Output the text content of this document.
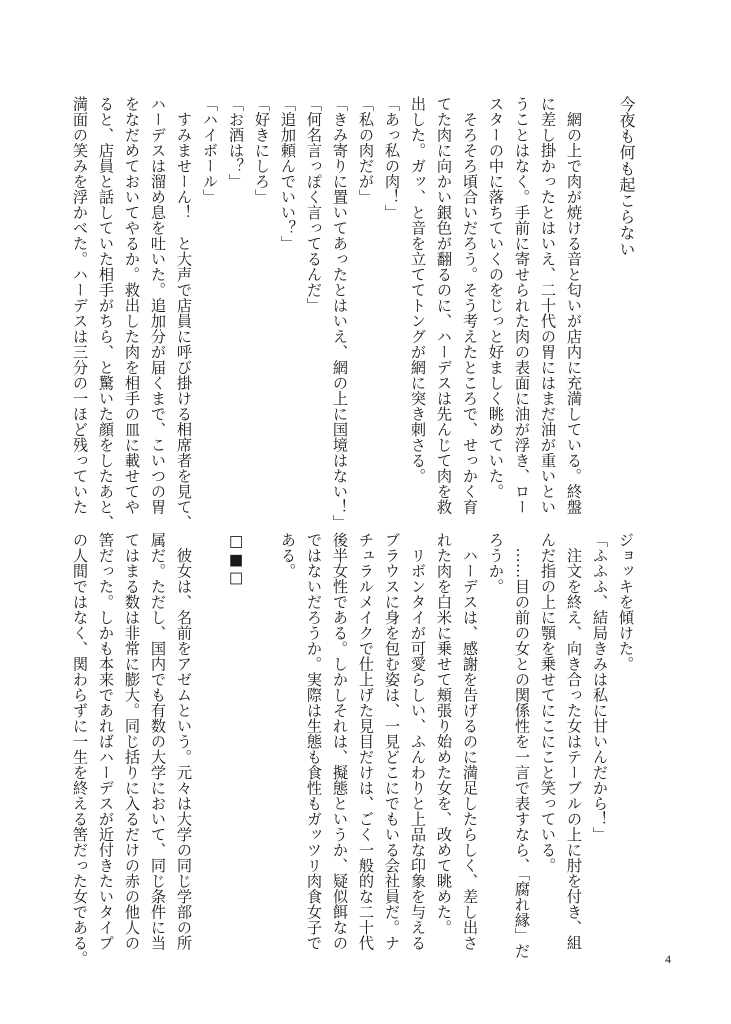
今夜も何も起こらない
　網の上で肉が焼ける音と匂いが店内に充満している。終盤
に差し掛かったとはいえ、二十代の胃にはまだ油が重いとい
うことはなく。手前に寄せられた肉の表面に油が浮き、ロー
スターの中に落ちていくのをじっと好ましく眺めていた。
　そろそろ頃合いだろう。そう考えたところで、せっかく育
てた肉に向かい銀色が翻るのに、ハーデスは先んじて肉を救
出した。ガッ、と音を立ててトングが網に突き刺さる。
「あっ私の肉！」
「私の肉だが」
「きみ寄りに置いてあったとはいえ、網の上に国境はない！」
「何名言っぽく言ってるんだ」
「追加頼んでいい？」
「好きにしろ」
「お酒は？」
「ハイボール」
　すみませーん！　と大声で店員に呼び掛ける相席者を見て、
ハーデスは溜め息を吐いた。追加分が届くまで、こいつの胃
をなだめておいてやるか。救出した肉を相手の皿に載せてや
ると、店員と話していた相手がちら、と驚いた顔をしたあと、
満面の笑みを浮かべた。ハーデスは三分の一ほど残っていた
ジョッキを傾けた。
「ふふふ、結局きみは私に甘いんだから！」
　注文を終え、向き合った女はテーブルの上に肘を付き、組
んだ指の上に顎を乗せてにこにこと笑っている。
　……目の前の女との関係性を一言で表すなら、「腐れ縁」だ
ろうか。
　ハーデスは、感謝を告げるのに満足したらしく、差し出さ
れた肉を白米に乗せて頬張り始めた女を、改めて眺めた。
　リボンタイが可愛らしい、ふんわりと上品な印象を与える
ブラウスに身を包む姿は、一見どこにでもいる会社員だ。ナ
チュラルメイクで仕上げた見目だけは、ごく一般的な二十代
後半女性である。しかしそれは、擬態というか、疑似餌なの
ではないだろうか。実際は生態も食性もガッツリ肉食女子で
ある。
□■□
　彼女は、名前をアゼムという。元々は大学の同じ学部の所
属だ。ただし、国内でも有数の大学において、同じ条件に当
てはまる数は非常に膨大。同じ括りに入るだけの赤の他人の
筈だった。しかも本来であればハーデスが近付きたいタイプ
の人間ではなく、関わらずに一生を終える筈だった女である。	4
